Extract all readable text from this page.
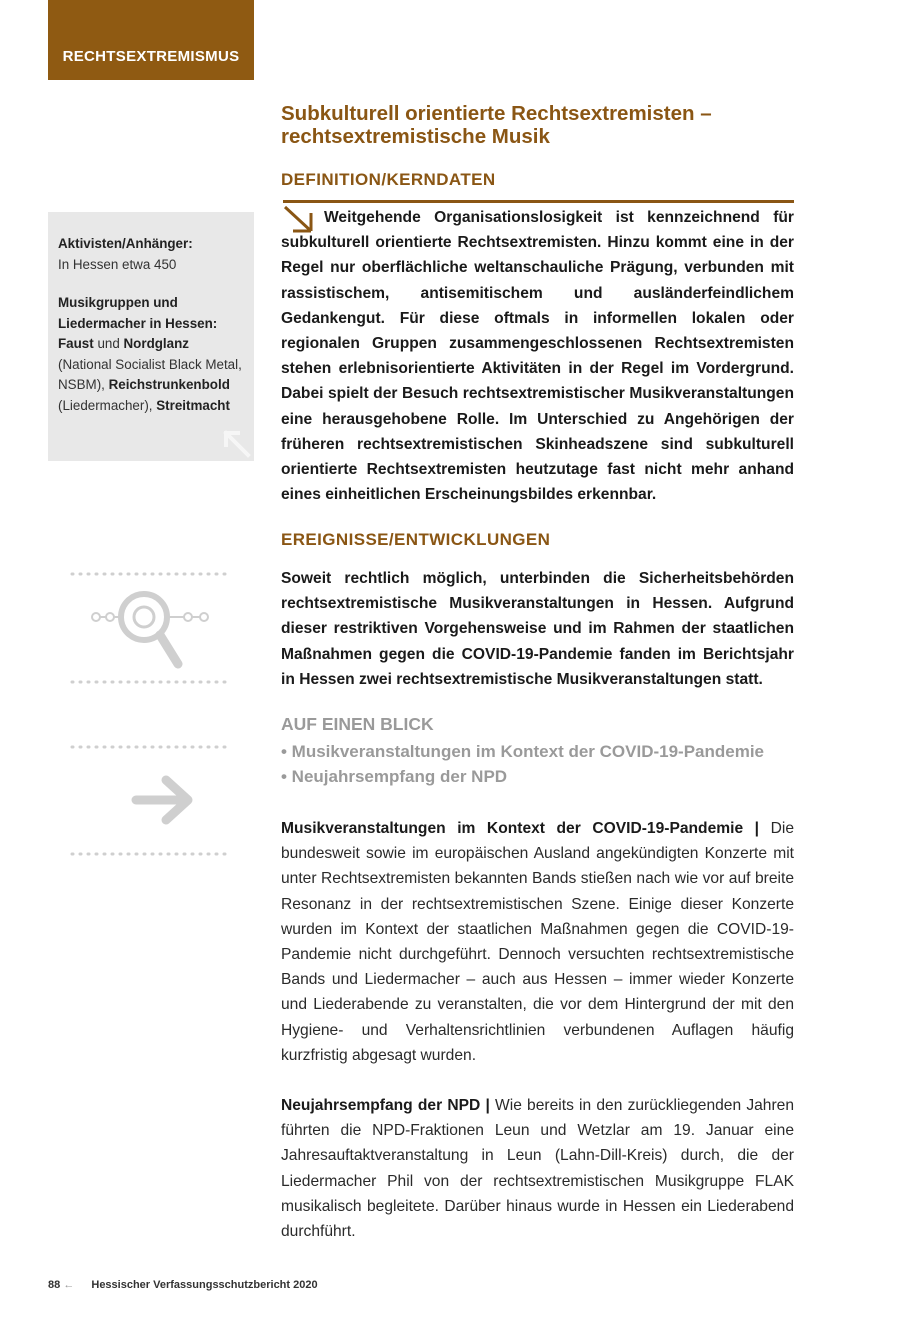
RECHTSEXTREMISMUS
Subkulturell orientierte Rechtsextremisten – rechtsextremistische Musik
DEFINITION/KERNDATEN
Aktivisten/Anhänger:
In Hessen etwa 450
Musikgruppen und Liedermacher in Hessen:
Faust und Nordglanz (National Socialist Black Metal, NSBM), Reichstrunkenbold (Liedermacher), Streitmacht

Weitgehende Organisationslosigkeit ist kennzeichnend für subkulturell orientierte Rechtsextremisten. Hinzu kommt eine in der Regel nur oberflächliche weltanschauliche Prägung, verbunden mit rassistischem, antisemitischem und ausländerfeindlichem Gedankengut. Für diese oftmals in informellen lokalen oder regionalen Gruppen zusammengeschlossenen Rechtsextremisten stehen erlebnisorientierte Aktivitäten in der Regel im Vordergrund. Dabei spielt der Besuch rechtsextremistischer Musikveranstaltungen eine herausgehobene Rolle. Im Unterschied zu Angehörigen der früheren rechtsextremistischen Skinheadszene sind subkulturell orientierte Rechtsextremisten heutzutage fast nicht mehr anhand eines einheitlichen Erscheinungsbildes erkennbar.

EREIGNISSE/ENTWICKLUNGEN

Soweit rechtlich möglich, unterbinden die Sicherheitsbehörden rechtsextremistische Musikveranstaltungen in Hessen. Aufgrund dieser restriktiven Vorgehensweise und im Rahmen der staatlichen Maßnahmen gegen die COVID-19-Pandemie fanden im Berichtsjahr in Hessen zwei rechtsextremistische Musikveranstaltungen statt.

AUF EINEN BLICK
• Musikveranstaltungen im Kontext der COVID-19-Pandemie
• Neujahrsempfang der NPD

Musikveranstaltungen im Kontext der COVID-19-Pandemie | Die bundesweit sowie im europäischen Ausland angekündigten Konzerte mit unter Rechtsextremisten bekannten Bands stießen nach wie vor auf breite Resonanz in der rechtsextremistischen Szene. Einige dieser Konzerte wurden im Kontext der staatlichen Maßnahmen gegen die COVID-19-Pandemie nicht durchgeführt. Dennoch versuchten rechtsextremistische Bands und Liedermacher – auch aus Hessen – immer wieder Konzerte und Liederabende zu veranstalten, die vor dem Hintergrund der mit den Hygiene- und Verhaltensrichtlinien verbundenen Auflagen häufig kurzfristig abgesagt wurden.

Neujahrsempfang der NPD | Wie bereits in den zurückliegenden Jahren führten die NPD-Fraktionen Leun und Wetzlar am 19. Januar eine Jahresauftaktveranstaltung in Leun (Lahn-Dill-Kreis) durch, die der Liedermacher Phil von der rechtsextremistischen Musikgruppe FLAK musikalisch begleitete. Darüber hinaus wurde in Hessen ein Liederabend durchführt.

88 ← Hessischer Verfassungsschutzbericht 2020
